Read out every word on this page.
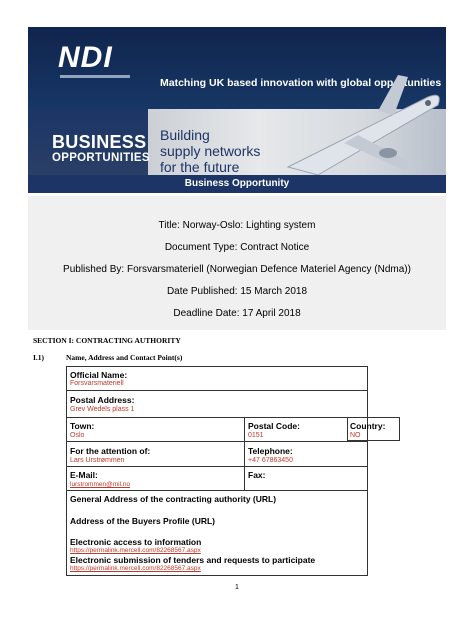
NDI
Matching UK based innovation with global opportunities
BUSINESS
OPPORTUNITIES
Building
supply networks
for the future
Business Opportunity
Title: Norway-Oslo: Lighting system
Document Type: Contract Notice
Published By: Forsvarsmateriell (Norwegian Defence Materiel Agency (Ndma))
Date Published: 15 March 2018
Deadline Date: 17 April 2018
SECTION I: CONTRACTING AUTHORITY
I.1)	Name, Address and Contact Point(s)
Official Name:
Forsvarsmateriell
Postal Address:
Grev Wedels plass 1
Town:
Oslo
Postal Code:
0151
For the attention of:
Lars Urstrømmen
Telephone:
+47 67863450
E-Mail:
lurstrommen@mil.no
Fax:
General Address of the contracting authority (URL)
Address of the Buyers Profile (URL)
Electronic access to information
https://permalink.mercell.com/82268567.aspx
Electronic submission of tenders and requests to participate
https://permalink.mercell.com/82268567.aspx
Country:
NO
1
